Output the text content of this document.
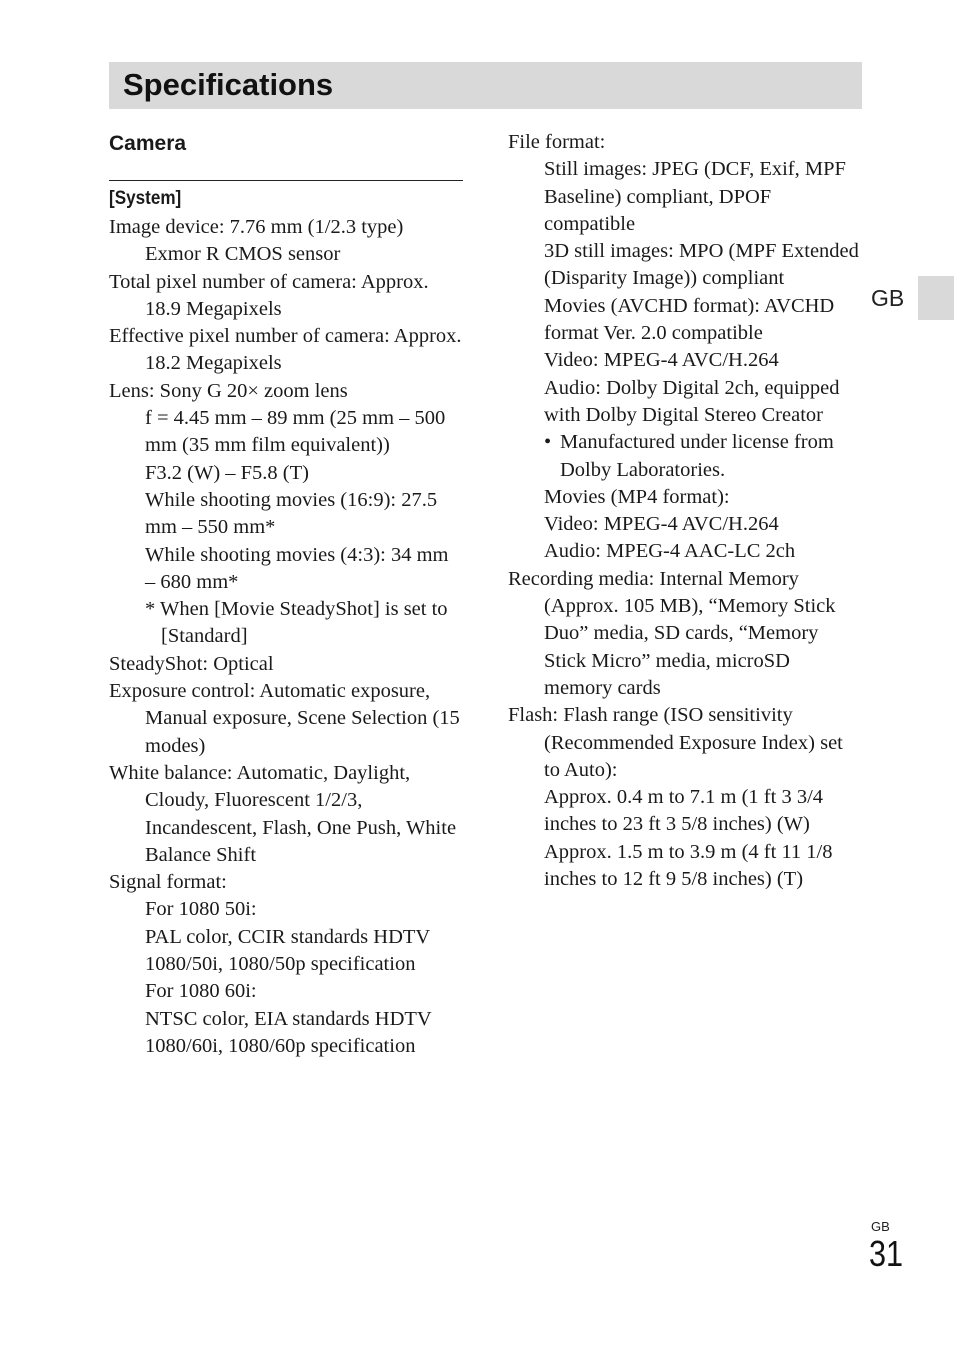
Specifications
GB
Camera
[System]
Image device: 7.76 mm (1/2.3 type) Exmor R CMOS sensor
Total pixel number of camera: Approx. 18.9 Megapixels
Effective pixel number of camera: Approx. 18.2 Megapixels
Lens: Sony G 20× zoom lens
f = 4.45 mm – 89 mm (25 mm – 500 mm (35 mm film equivalent))
F3.2 (W) – F5.8 (T)
While shooting movies (16:9): 27.5 mm – 550 mm*
While shooting movies (4:3): 34 mm – 680 mm*
* When [Movie SteadyShot] is set to [Standard]
SteadyShot: Optical
Exposure control: Automatic exposure, Manual exposure, Scene Selection (15 modes)
White balance: Automatic, Daylight, Cloudy, Fluorescent 1/2/3, Incandescent, Flash, One Push, White Balance Shift
Signal format:
For 1080 50i:
PAL color, CCIR standards HDTV 1080/50i, 1080/50p specification
For 1080 60i:
NTSC color, EIA standards HDTV 1080/60i, 1080/60p specification
File format:
Still images: JPEG (DCF, Exif, MPF Baseline) compliant, DPOF compatible
3D still images: MPO (MPF Extended (Disparity Image)) compliant
Movies (AVCHD format): AVCHD format Ver. 2.0 compatible
Video: MPEG-4 AVC/H.264
Audio: Dolby Digital 2ch, equipped with Dolby Digital Stereo Creator
• Manufactured under license from Dolby Laboratories.
Movies (MP4 format):
Video: MPEG-4 AVC/H.264
Audio: MPEG-4 AAC-LC 2ch
Recording media: Internal Memory (Approx. 105 MB), “Memory Stick Duo” media, SD cards, “Memory Stick Micro” media, microSD memory cards
Flash: Flash range (ISO sensitivity (Recommended Exposure Index) set to Auto):
Approx. 0.4 m to 7.1 m (1 ft 3 3/4 inches to 23 ft 3 5/8 inches) (W)
Approx. 1.5 m to 3.9 m (4 ft 11 1/8 inches to 12 ft 9 5/8 inches) (T)
GB
31
